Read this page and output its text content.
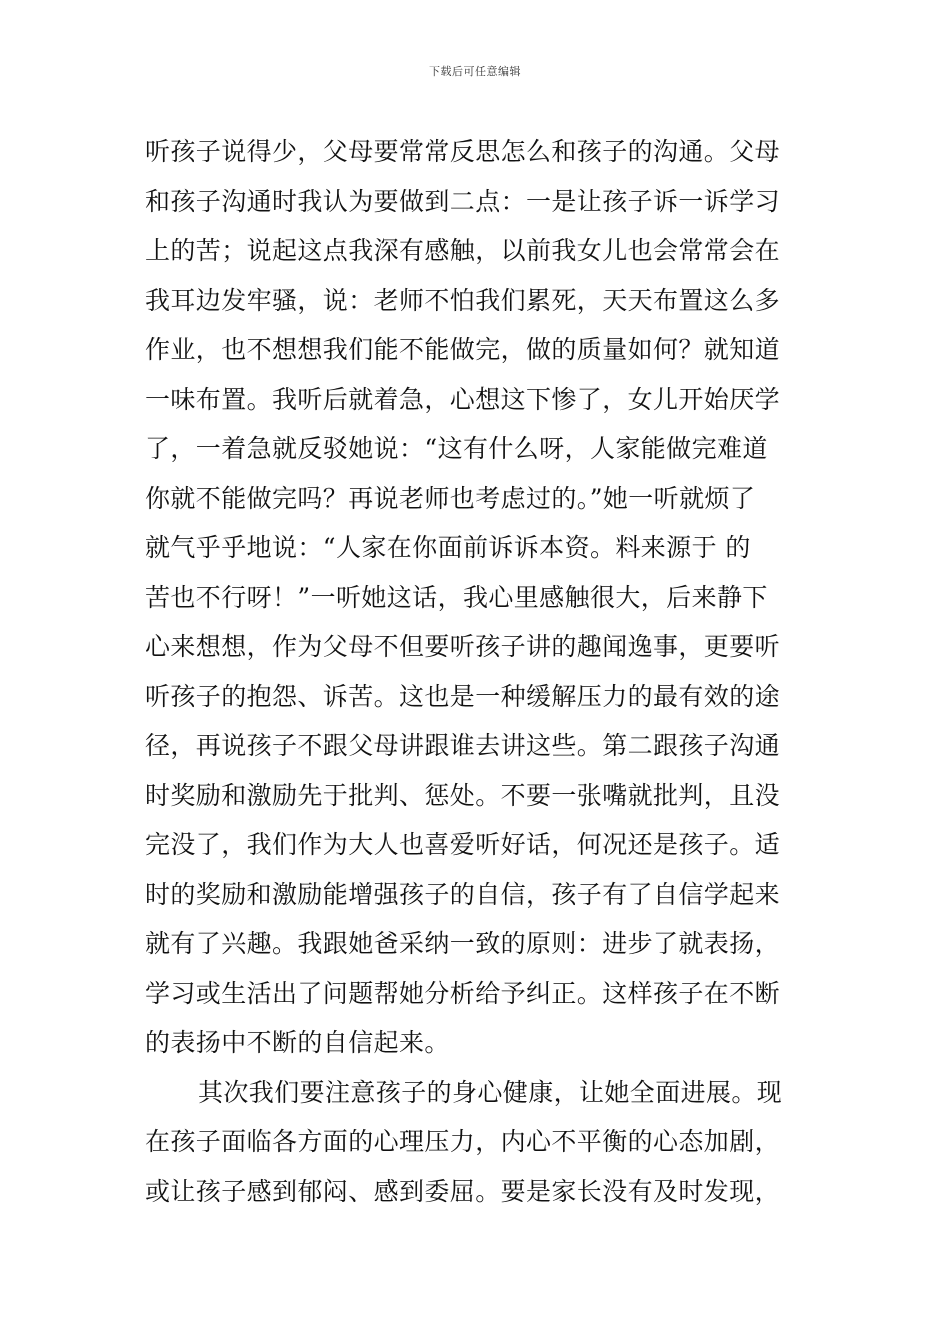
下载后可任意编辑
听孩子说得少，父母要常常反思怎么和孩子的沟通。父母
和孩子沟通时我认为要做到二点：一是让孩子诉一诉学习
上的苦；说起这点我深有感触，以前我女儿也会常常会在
我耳边发牢骚，说：老师不怕我们累死，天天布置这么多
作业，也不想想我们能不能做完，做的质量如何？就知道
一味布置。我听后就着急，心想这下惨了，女儿开始厌学
了，一着急就反驳她说：“这有什么呀，人家能做完难道
你就不能做完吗？再说老师也考虑过的。”她一听就烦了
就气乎乎地说：“人家在你面前诉诉本资。料来源于 的
苦也不行呀！”一听她这话，我心里感触很大，后来静下
心来想想，作为父母不但要听孩子讲的趣闻逸事，更要听
听孩子的抱怨、诉苦。这也是一种缓解压力的最有效的途
径，再说孩子不跟父母讲跟谁去讲这些。第二跟孩子沟通
时奖励和激励先于批判、惩处。不要一张嘴就批判，且没
完没了，我们作为大人也喜爱听好话，何况还是孩子。适
时的奖励和激励能增强孩子的自信，孩子有了自信学起来
就有了兴趣。我跟她爸采纳一致的原则：进步了就表扬，
学习或生活出了问题帮她分析给予纠正。这样孩子在不断
的表扬中不断的自信起来。
其次我们要注意孩子的身心健康，让她全面进展。现
在孩子面临各方面的心理压力，内心不平衡的心态加剧，
或让孩子感到郁闷、感到委屈。要是家长没有及时发现，
